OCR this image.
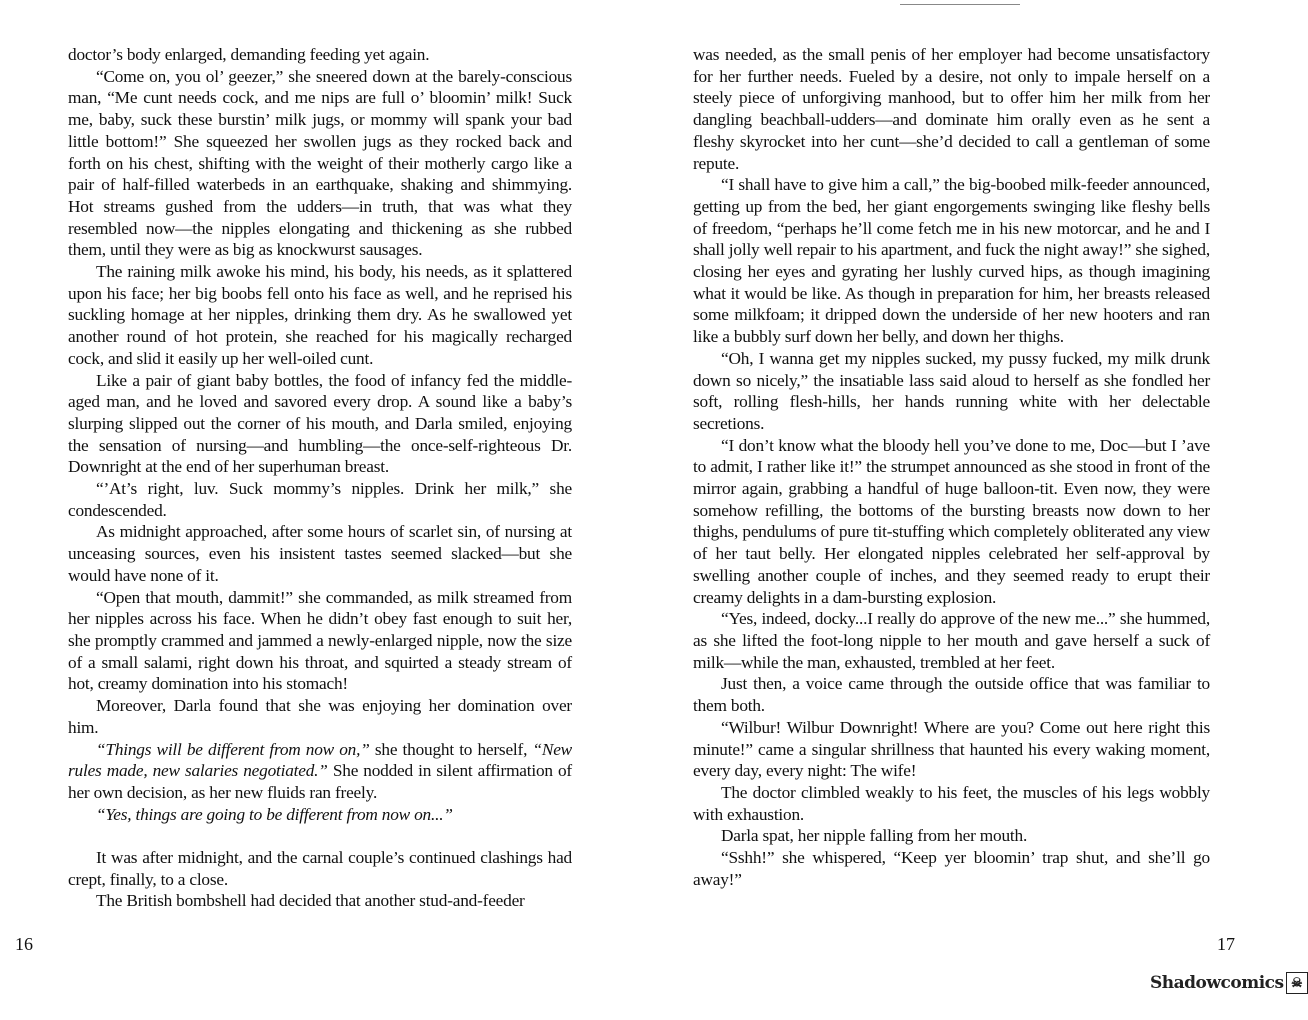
doctor’s body enlarged, demanding feeding yet again.

“Come on, you ol’ geezer,” she sneered down at the barely-conscious man, “Me cunt needs cock, and me nips are full o’ bloomin’ milk! Suck me, baby, suck these burstin’ milk jugs, or mommy will spank your bad little bottom!” She squeezed her swollen jugs as they rocked back and forth on his chest, shifting with the weight of their motherly cargo like a pair of half-filled waterbeds in an earthquake, shaking and shimmying. Hot streams gushed from the udders—in truth, that was what they resembled now—the nipples elongating and thickening as she rubbed them, until they were as big as knockwurst sausages.

The raining milk awoke his mind, his body, his needs, as it splattered upon his face; her big boobs fell onto his face as well, and he reprised his suckling homage at her nipples, drinking them dry. As he swallowed yet another round of hot protein, she reached for his magically recharged cock, and slid it easily up her well-oiled cunt.

Like a pair of giant baby bottles, the food of infancy fed the middle-aged man, and he loved and savored every drop. A sound like a baby’s slurping slipped out the corner of his mouth, and Darla smiled, enjoying the sensation of nursing—and humbling—the once-self-righteous Dr. Downright at the end of her superhuman breast.

“’At’s right, luv. Suck mommy’s nipples. Drink her milk,” she condescended.

As midnight approached, after some hours of scarlet sin, of nursing at unceasing sources, even his insistent tastes seemed slacked—but she would have none of it.

“Open that mouth, dammit!” she commanded, as milk streamed from her nipples across his face. When he didn’t obey fast enough to suit her, she promptly crammed and jammed a newly-enlarged nipple, now the size of a small salami, right down his throat, and squirted a steady stream of hot, creamy domination into his stomach!

Moreover, Darla found that she was enjoying her domination over him.

“Things will be different from now on,” she thought to herself, “New rules made, new salaries negotiated.” She nodded in silent affirmation of her own decision, as her new fluids ran freely.

“Yes, things are going to be different from now on...”

It was after midnight, and the carnal couple’s continued clashings had crept, finally, to a close.

The British bombshell had decided that another stud-and-feeder

was needed, as the small penis of her employer had become unsatisfactory for her further needs. Fueled by a desire, not only to impale herself on a steely piece of unforgiving manhood, but to offer him her milk from her dangling beachball-udders—and dominate him orally even as he sent a fleshy skyrocket into her cunt—she’d decided to call a gentleman of some repute.

“I shall have to give him a call,” the big-boobed milk-feeder announced, getting up from the bed, her giant engorgements swinging like fleshy bells of freedom, “perhaps he’ll come fetch me in his new motorcar, and he and I shall jolly well repair to his apartment, and fuck the night away!” she sighed, closing her eyes and gyrating her lushly curved hips, as though imagining what it would be like. As though in preparation for him, her breasts released some milkfoam; it dripped down the underside of her new hooters and ran like a bubbly surf down her belly, and down her thighs.

“Oh, I wanna get my nipples sucked, my pussy fucked, my milk drunk down so nicely,” the insatiable lass said aloud to herself as she fondled her soft, rolling flesh-hills, her hands running white with her delectable secretions.

“I don’t know what the bloody hell you’ve done to me, Doc—but I ’ave to admit, I rather like it!” the strumpet announced as she stood in front of the mirror again, grabbing a handful of huge balloon-tit. Even now, they were somehow refilling, the bottoms of the bursting breasts now down to her thighs, pendulums of pure tit-stuffing which completely obliterated any view of her taut belly. Her elongated nipples celebrated her self-approval by swelling another couple of inches, and they seemed ready to erupt their creamy delights in a dam-bursting explosion.

“Yes, indeed, docky...I really do approve of the new me...” she hummed, as she lifted the foot-long nipple to her mouth and gave herself a suck of milk—while the man, exhausted, trembled at her feet.

Just then, a voice came through the outside office that was familiar to them both.

“Wilbur! Wilbur Downright! Where are you? Come out here right this minute!” came a singular shrillness that haunted his every waking moment, every day, every night: The wife!

The doctor climbled weakly to his feet, the muscles of his legs wobbly with exhaustion.

Darla spat, her nipple falling from her mouth.

“Sshh!” she whispered, “Keep yer bloomin’ trap shut, and she’ll go away!”

16	17
Shadowcomics ☠
